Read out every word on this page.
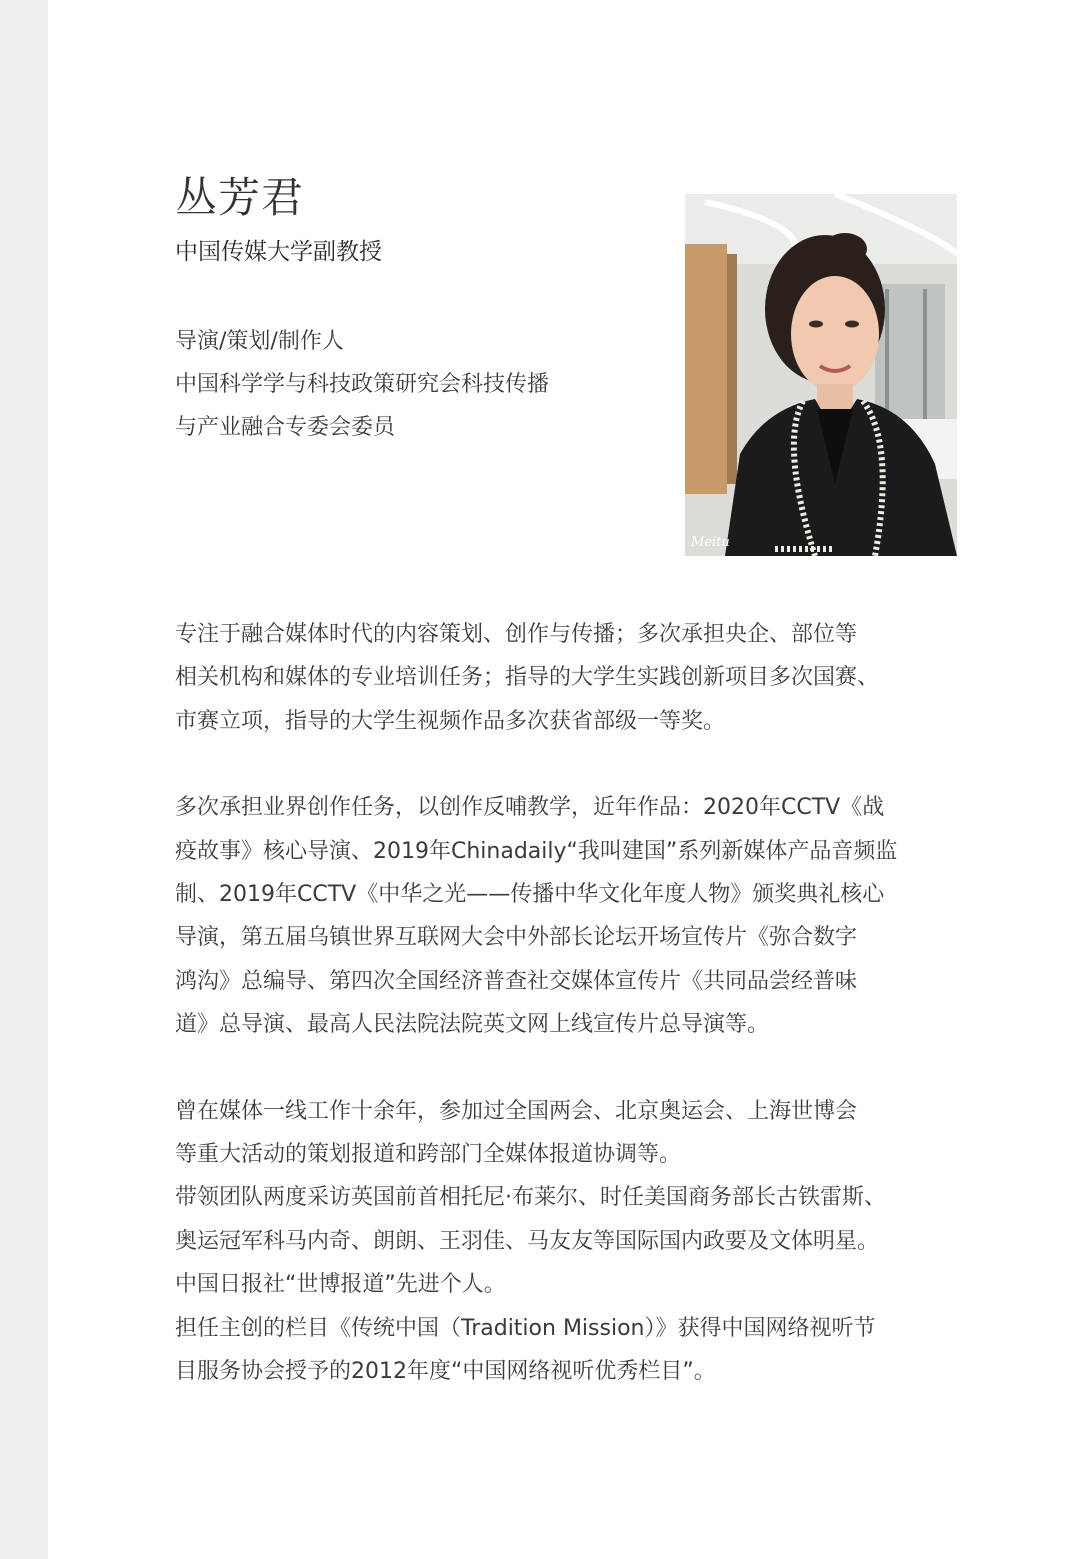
丛芳君
中国传媒大学副教授
导演/策划/制作人
中国科学学与科技政策研究会科技传播
与产业融合专委会委员
Meitu

专注于融合媒体时代的内容策划、创作与传播；多次承担央企、部位等
相关机构和媒体的专业培训任务；指导的大学生实践创新项目多次国赛、
市赛立项，指导的大学生视频作品多次获省部级一等奖。

多次承担业界创作任务，以创作反哺教学，近年作品：2020年CCTV《战
疫故事》核心导演、2019年Chinadaily“我叫建国”系列新媒体产品音频监
制、2019年CCTV《中华之光——传播中华文化年度人物》颁奖典礼核心
导演，第五届乌镇世界互联网大会中外部长论坛开场宣传片《弥合数字
鸿沟》总编导、第四次全国经济普查社交媒体宣传片《共同品尝经普味
道》总导演、最高人民法院法院英文网上线宣传片总导演等。

曾在媒体一线工作十余年，参加过全国两会、北京奥运会、上海世博会
等重大活动的策划报道和跨部门全媒体报道协调等。
带领团队两度采访英国前首相托尼·布莱尔、时任美国商务部长古铁雷斯、
奥运冠军科马内奇、朗朗、王羽佳、马友友等国际国内政要及文体明星。
中国日报社“世博报道”先进个人。
担任主创的栏目《传统中国（Tradition Mission）》获得中国网络视听节
目服务协会授予的2012年度“中国网络视听优秀栏目”。
